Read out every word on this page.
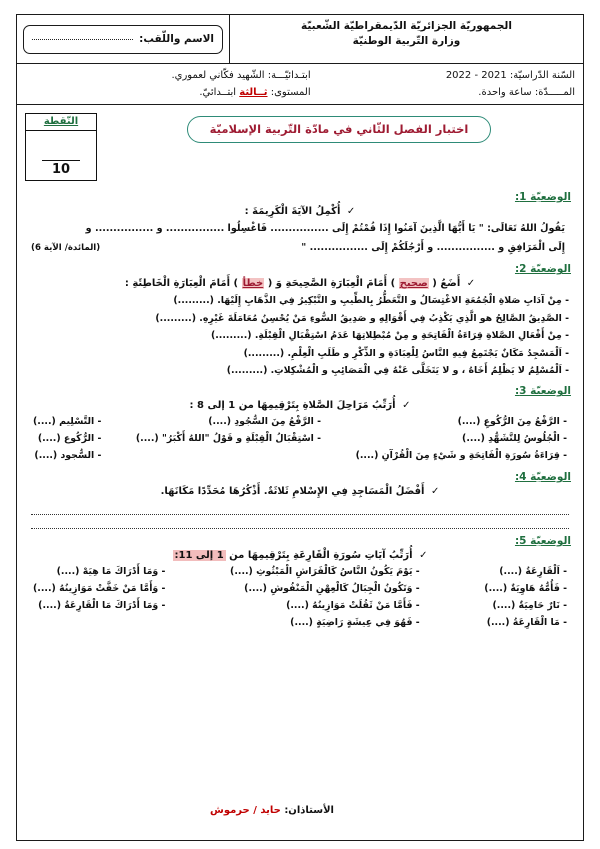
الجمهوريّة الجزائريّة الدّيمقراطيّة الشّعبيّة
وزارة التّربية الوطنيّة
الاسم واللّقب:
السّنة الدّراسيّة: 2021 - 2022
المـــــدّة: ساعة واحدة.
ابتـدائيّـــة: الشّهيد فكّاني لعموري.
المستوى: ثــالثة ابتــدائيّ.
اختبار الفصل الثّاني في مادّة التّربية الإسلاميّة
النّقطة
10
الوضعيّة 1:
✓ أُكْمِلُ الآيَةَ الْكَرِيمَةَ :
يَقُولُ اللهُ تَعَالَى: " يَا أَيُّهَا الَّذِينَ آمَنُوا إِذَا قُمْتُمْ إِلَى ................ فَاغْسِلُوا ................ و ................ و
إِلَى الْمَرَافِقِ و ................ و أَرْجُلَكُمْ إِلَى ................ "
(المائدة/ الآية 6)
الوضعيّة 2:
✓ أَضَعُ ( صحيح ) أَمَامَ الْعِبَارَةِ الصَّحِيحَةِ وَ ( خطأ ) أَمَامَ الْعِبَارَةِ الْخَاطِئَةِ :
- مِنْ آدَابِ صَلاةِ الْجُمُعَةِ الاغْتِسَالُ و التَّعَطُّرُ بِالطِّيبِ و التَّبْكِيرُ فِي الذَّهَابِ إِلَيْهَا. (.........)
- الصَّدِيقُ الصَّالِحُ هو الَّذِي يَكْذِبُ فِي أَقْوَالِهِ و صَدِيقُ السُّوءِ مَنْ يُحْسِنُ مُعَامَلَةَ غَيْرِهِ. (.........)
- مِنْ أَفْعَالِ الصَّلاةِ قِرَاءَةُ الْفَاتِحَةِ و مِنْ مُبْطِلاتِهَا عَدَمُ اسْتِقْبَالِ الْقِبْلَةِ. (.........)
- اَلْمَسْجِدُ مَكَانٌ يَجْتَمِعُ فِيهِ النَّاسُ لِلْعِبَادَةِ و الذِّكْرِ و طَلَبِ الْعِلْمِ. (.........)
- اَلْمُسْلِمُ لا يَظْلِمُ أَخَاهُ ، و لا يَتَخَلَّى عَنْهُ فِي الْمَصَائِبِ و الْمُشْكِلاتِ. (.........)
الوضعيّة 3:
✓ أُرَتِّبُ مَرَاحِلَ الصَّلاةِ بِتَرْقِيمِهَا من 1 إلى 8 :
- الرَّفْعُ مِنَ الرُّكُوعِ (....)
- الْجُلُوسُ لِلتَّشَهُّدِ (....)
- قِرَاءَةُ سُورَةِ الْفَاتِحَةِ و شَيْءٍ مِنَ الْقُرْآنِ (....)
- الرَّفْعُ مِنَ السُّجُودِ (....)
- اسْتِقْبَالُ الْقِبْلَةِ و قَوْلُ "اللهُ أَكْبَرُ" (....)
- التَّسْلِيم (....)
- الرُّكُوع (....)
- السُّجود (....)
الوضعيّة 4:
✓ أَفْضَلُ الْمَسَاجِدِ فِي الإِسْلامِ ثَلاثَةٌ. أَذْكُرُهَا مُحَدِّدًا مَكَانَهَا.
الوضعيّة 5:
✓ أُرَتِّبُ آيَاتِ سُورَةِ الْقَارِعَةِ بِتَرْقِيمِهَا من 1 إلى 11:
- اَلْقَارِعَةُ (....)
- فَأُمُّهُ هَاوِيَةٌ (....)
- نَارٌ حَامِيَةٌ (....)
- مَا الْقَارِعَةُ (....)
- يَوْمَ يَكُونُ النَّاسُ كَالْفَرَاشِ الْمَبْثُوثِ (....)
- وَتَكُونُ الْجِبَالُ كَالْعِهْنِ الْمَنْفُوشِ (....)
- فَأَمَّا مَنْ ثَقُلَتْ مَوَازِينُهُ (....)
- فَهُوَ فِي عِيشَةٍ رَاضِيَةٍ (....)
- وَمَا أَدْرَاكَ مَا هِيَهْ (....)
- وَأَمَّا مَنْ خَفَّتْ مَوَازِينُهُ (....)
- وَمَا أَدْرَاكَ مَا الْقَارِعَةُ (....)
الأستاذان: حايد / حرموش
